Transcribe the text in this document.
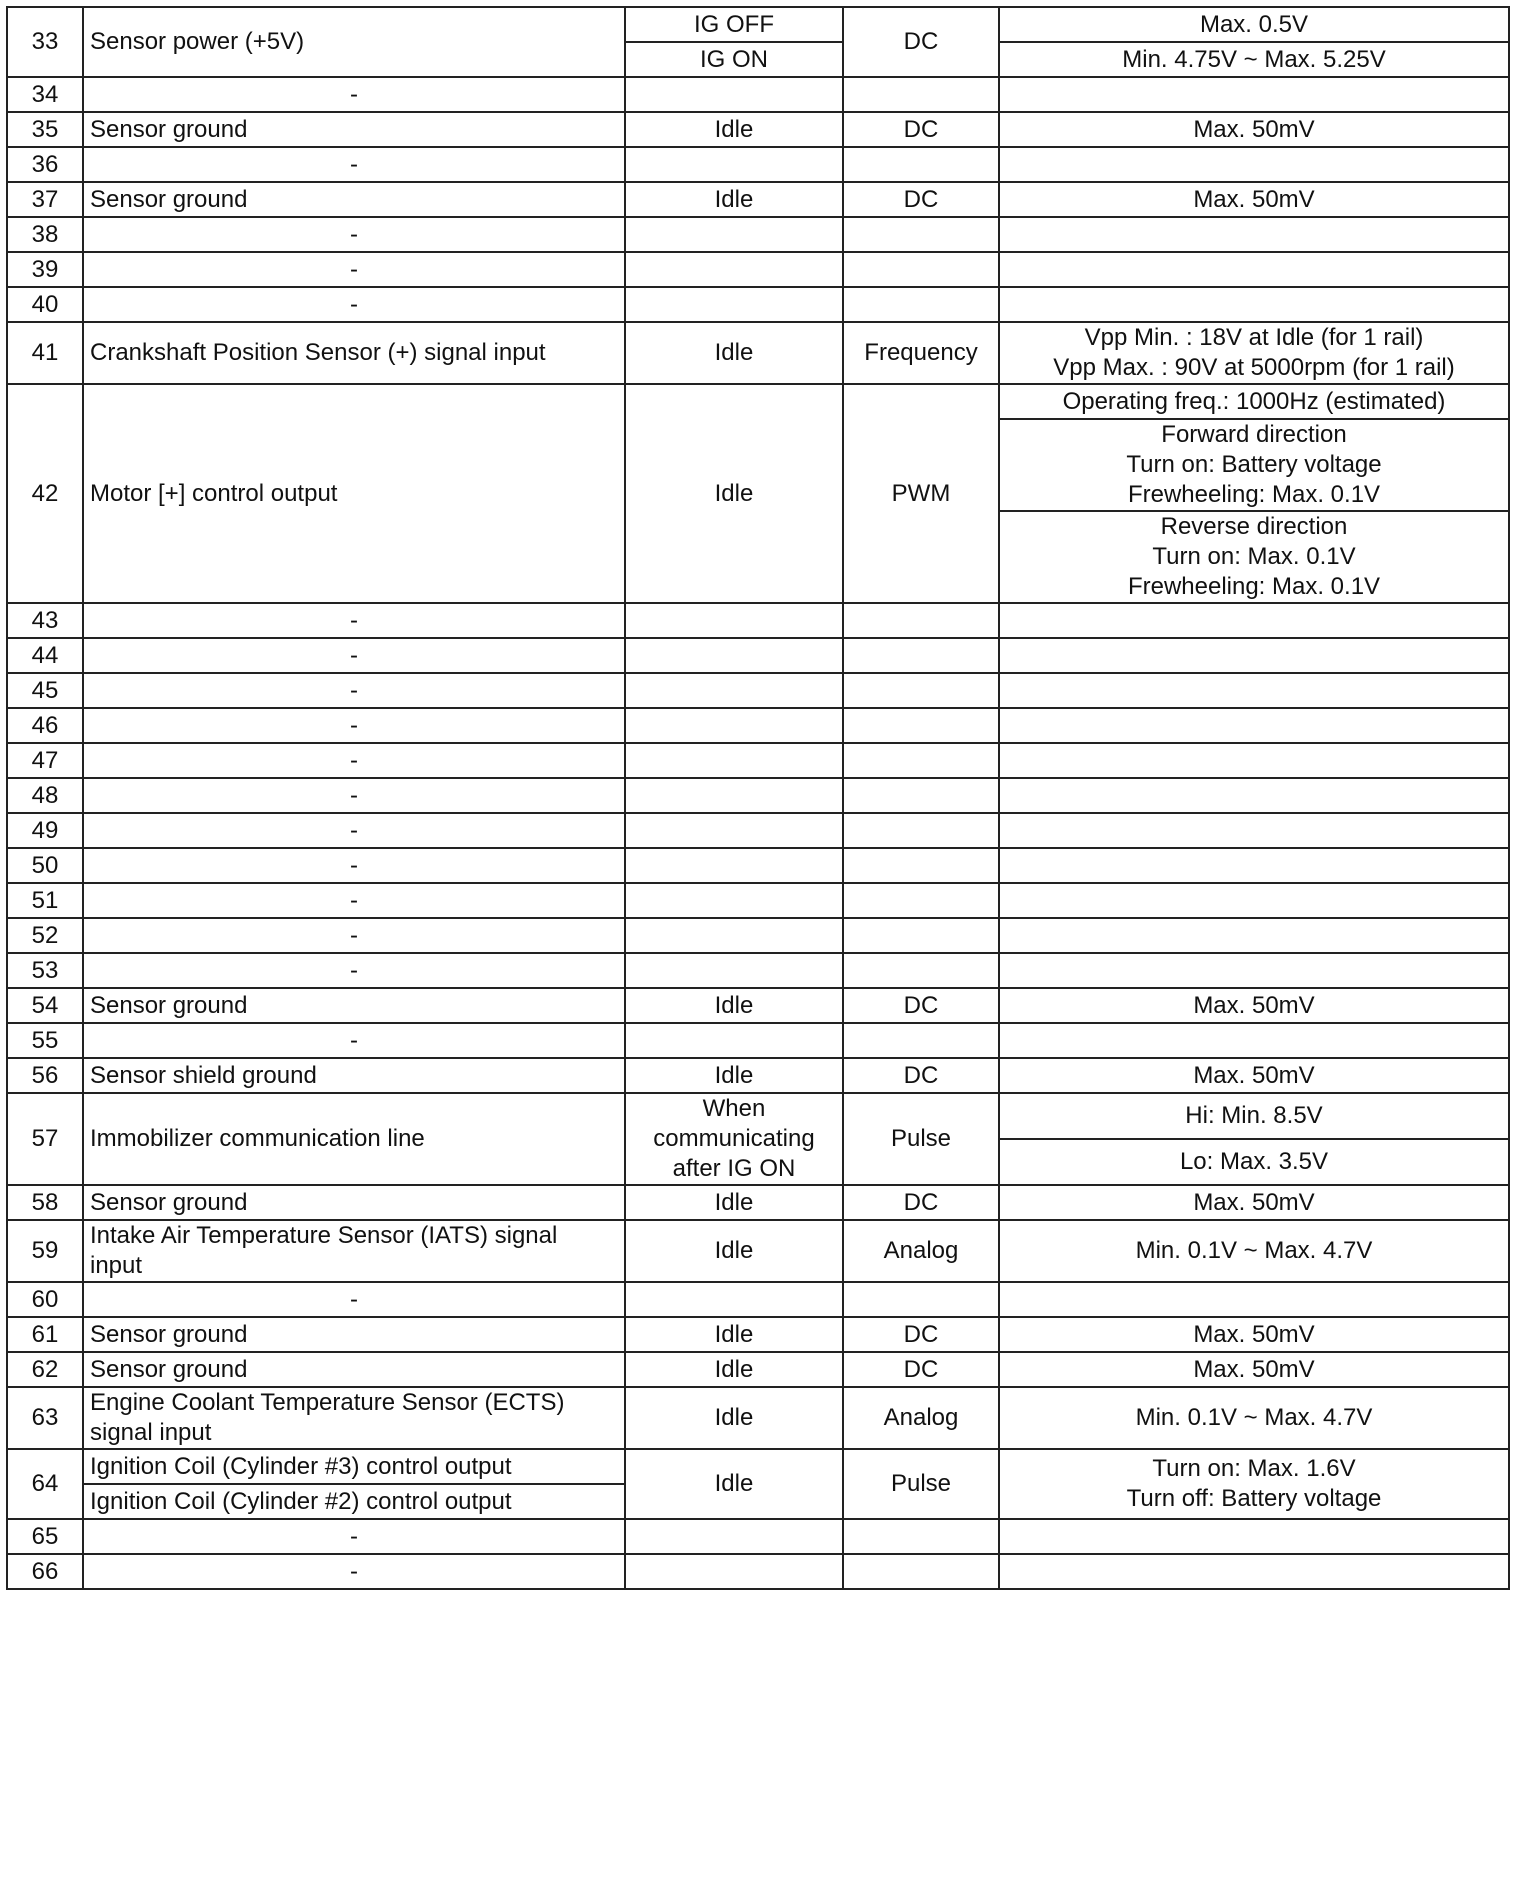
33	Sensor power (+5V)	IG OFF	DC	Max. 0.5V
		IG ON		Min. 4.75V ~ Max. 5.25V
34	-			
35	Sensor ground	Idle	DC	Max. 50mV
36	-			
37	Sensor ground	Idle	DC	Max. 50mV
38	-			
39	-			
40	-			
41	Crankshaft Position Sensor (+) signal input	Idle	Frequency	Vpp Min. : 18V at Idle (for 1 rail)
Vpp Max. : 90V at 5000rpm (for 1 rail)
42	Motor [+] control output	Idle	PWM	Operating freq.: 1000Hz (estimated)
				Forward direction
Turn on: Battery voltage
Frewheeling: Max. 0.1V
				Reverse direction
Turn on: Max. 0.1V
Frewheeling: Max. 0.1V
43	-			
44	-			
45	-			
46	-			
47	-			
48	-			
49	-			
50	-			
51	-			
52	-			
53	-			
54	Sensor ground	Idle	DC	Max. 50mV
55	-			
56	Sensor shield ground	Idle	DC	Max. 50mV
57	Immobilizer communication line	When
communicating
after IG ON	Pulse	Hi: Min. 8.5V
				Lo: Max. 3.5V
58	Sensor ground	Idle	DC	Max. 50mV
59	Intake Air Temperature Sensor (IATS) signal
input	Idle	Analog	Min. 0.1V ~ Max. 4.7V
60	-			
61	Sensor ground	Idle	DC	Max. 50mV
62	Sensor ground	Idle	DC	Max. 50mV
63	Engine Coolant Temperature Sensor (ECTS)
signal input	Idle	Analog	Min. 0.1V ~ Max. 4.7V
64	Ignition Coil (Cylinder #3) control output	Idle	Pulse	Turn on: Max. 1.6V
Turn off: Battery voltage
	Ignition Coil (Cylinder #2) control output			
65	-			
66	-			
